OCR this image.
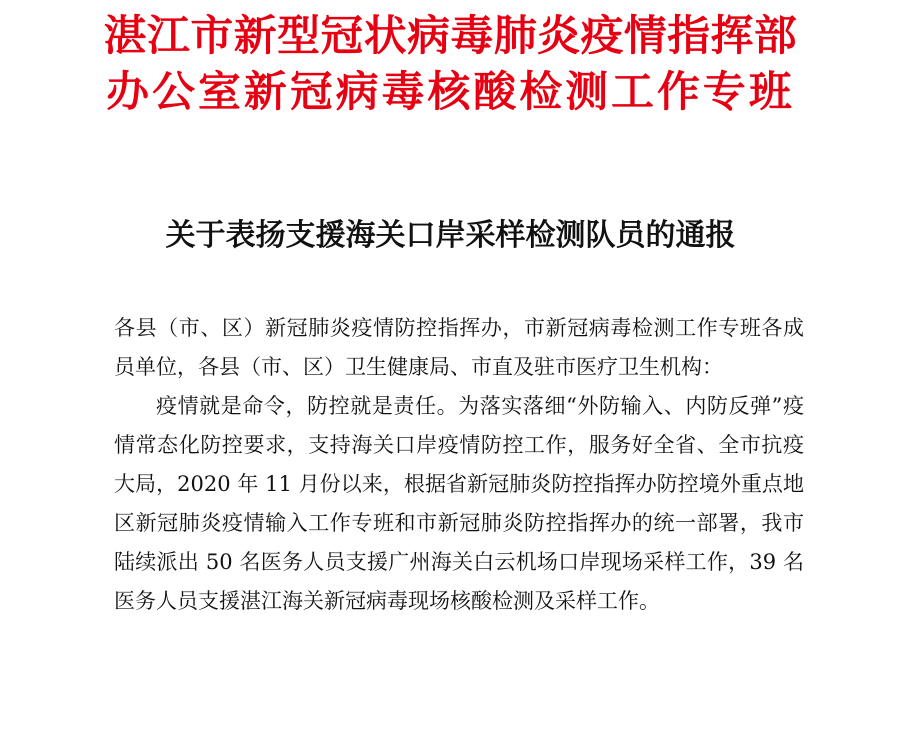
湛江市新型冠状病毒肺炎疫情指挥部
办公室新冠病毒核酸检测工作专班
关于表扬支援海关口岸采样检测队员的通报

各县（市、区）新冠肺炎疫情防控指挥办，市新冠病毒检测工作专班各成员单位，各县（市、区）卫生健康局、市直及驻市医疗卫生机构：

疫情就是命令，防控就是责任。为落实落细“外防输入、内防反弹”疫情常态化防控要求，支持海关口岸疫情防控工作，服务好全省、全市抗疫大局，2020 年 11 月份以来，根据省新冠肺炎防控指挥办防控境外重点地区新冠肺炎疫情输入工作专班和市新冠肺炎防控指挥办的统一部署，我市陆续派出 50 名医务人员支援广州海关白云机场口岸现场采样工作，39 名医务人员支援湛江海关新冠病毒现场核酸检测及采样工作。
